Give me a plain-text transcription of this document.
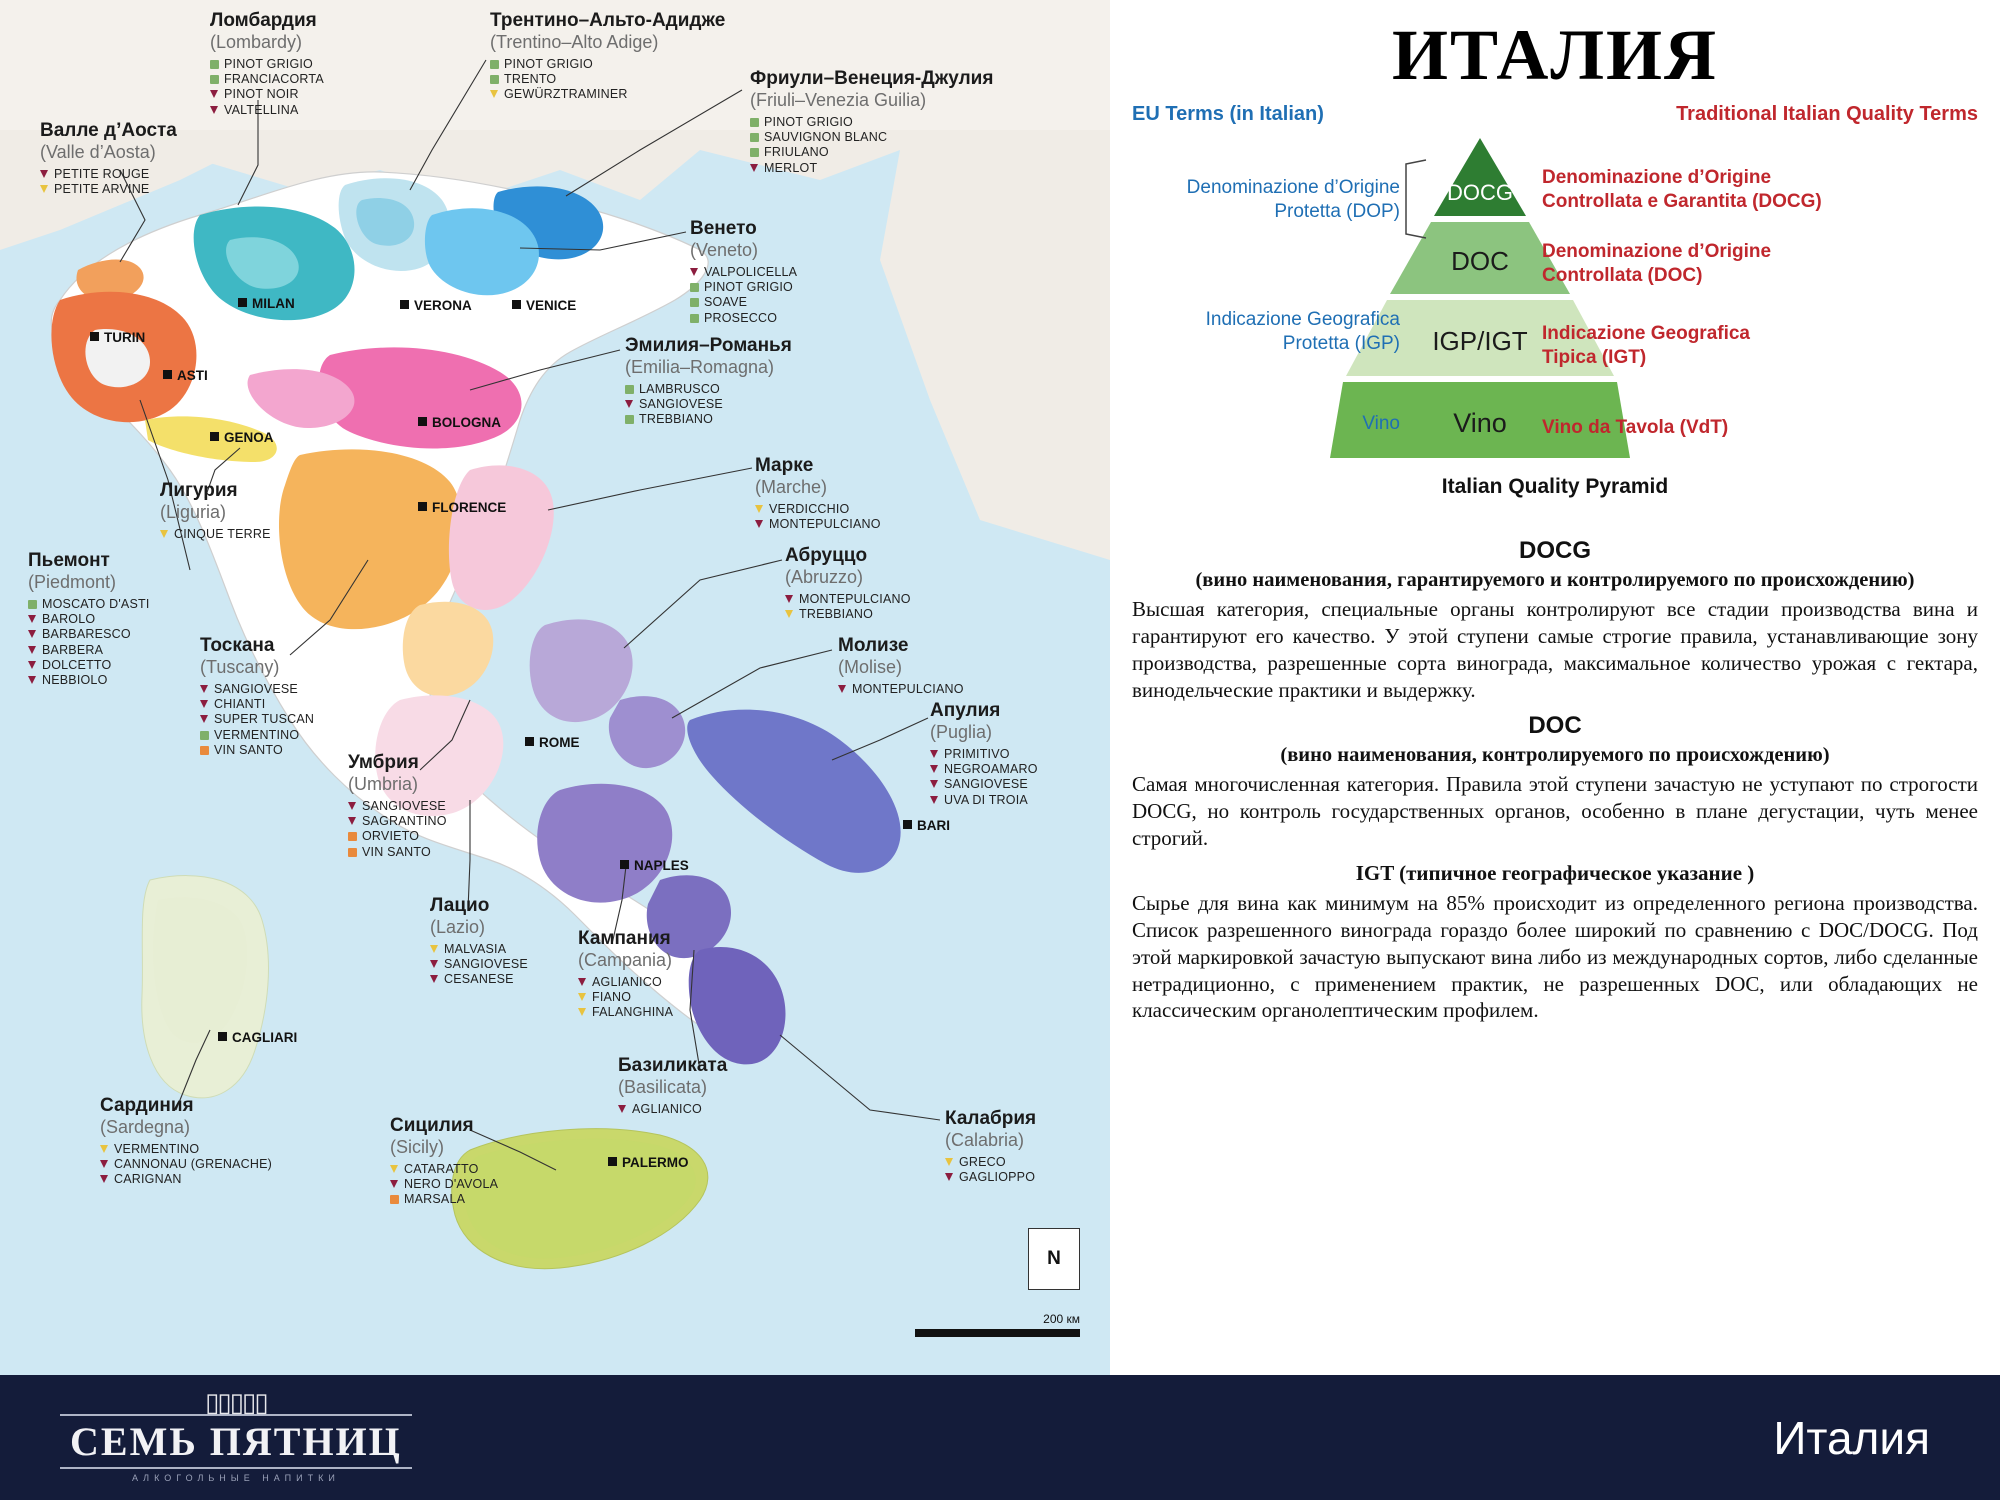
MILAN
TURIN
ASTI
GENOA
VERONA	VENICE
BOLOGNA
FLORENCE
ROME
NAPLES
BARI
CAGLIARI
PALERMO
Ломбардия
(Lombardy)
PINOT GRIGIO
FRANCIACORTA
PINOT NOIR
VALTELLINA
Трентино–Альто-Адидже
(Trentino–Alto Adige)
PINOT GRIGIO
TRENTO
GEWÜRZTRAMINER
Фриули–Венеция-Джулия
(Friuli–Venezia Guilia)
PINOT GRIGIO
SAUVIGNON BLANC
FRIULANO
MERLOT
Валле д’Аоста
(Valle d’Aosta)
PETITE ROUGE
PETITE ARVINE
Венето
(Veneto)
VALPOLICELLA
PINOT GRIGIO
SOAVE
PROSECCO
Эмилия–Романья
(Emilia–Romagna)
LAMBRUSCO
SANGIOVESE
TREBBIANO
Марке
(Marche)
VERDICCHIO
MONTEPULCIANO
Лигурия
(Liguria)
CINQUE TERRE
Абруццо
(Abruzzo)
MONTEPULCIANO
TREBBIANO
Пьемонт
(Piedmont)
MOSCATO D'ASTI
BAROLO
BARBARESCO
BARBERA
DOLCETTO
NEBBIOLO
Тоскана
(Tuscany)
SANGIOVESE
CHIANTI
SUPER TUSCAN
VERMENTINO
VIN SANTO
Молизе
(Molise)
MONTEPULCIANO
Апулия
(Puglia)
PRIMITIVO
NEGROAMARO
SANGIOVESE
UVA DI TROIA
Умбрия
(Umbria)
SANGIOVESE
SAGRANTINO
ORVIETO
VIN SANTO
Лацио
(Lazio)
MALVASIA
SANGIOVESE
CESANESE
Кампания
(Campania)
AGLIANICO
FIANO
FALANGHINA
Базиликата
(Basilicata)
AGLIANICO	Калабрия
(Calabria)
GRECO
GAGLIOPPO
Сардиния
(Sardegna)
VERMENTINO
CANNONAU (GRENACHE)
CARIGNAN
Сицилия
(Sicily)
CATARATTO
NERO D'AVOLA
MARSALA
N
200 км
ИТАЛИЯ
EU Terms (in Italian)	Traditional Italian Quality Terms
DOCG
DOC
IGP/IGT
Vino
Denominazione d’Origine
Protetta (DOP)
Indicazione Geografica
Protetta (IGP)
Vino
Denominazione d’Origine
Controllata e Garantita (DOCG)
Denominazione d’Origine
Controllata (DOC)
Indicazione Geografica
Tipica (IGT)
Vino da Tavola (VdT)
Italian Quality Pyramid
DOCG
(вино наименования, гарантируемого и контролируемого по происхождению)

Высшая категория, специальные органы контролируют все стадии производства вина и гарантируют его качество. У этой ступени самые строгие правила, устанавливающие зону производства, разрешенные сорта винограда, максимальное количество урожая с гектара, винодельческие практики и выдержку.

DOC
(вино наименования, контролируемого по происхождению)

Самая многочисленная категория. Правила этой ступени зачастую не уступают по строгости DOCG, но контроль государственных органов, особенно в плане дегустации, чуть менее строгий.

IGT (типичное географическое указание )

Сырье для вина как минимум на 85% происходит из определенного региона производства. Список разрешенного винограда гораздо более широкий по сравнению с DOC/DOCG. Под этой маркировкой зачастую выпускают вина либо из международных сортов, либо сделанные нетрадиционно, с применением практик, не разрешенных DOC, или обладающих не классическим органолептическим профилем.

▯▯▯▯▯
СЕМЬ ПЯТНИЦ
АЛКОГОЛЬНЫЕ НАПИТКИ
Италия
